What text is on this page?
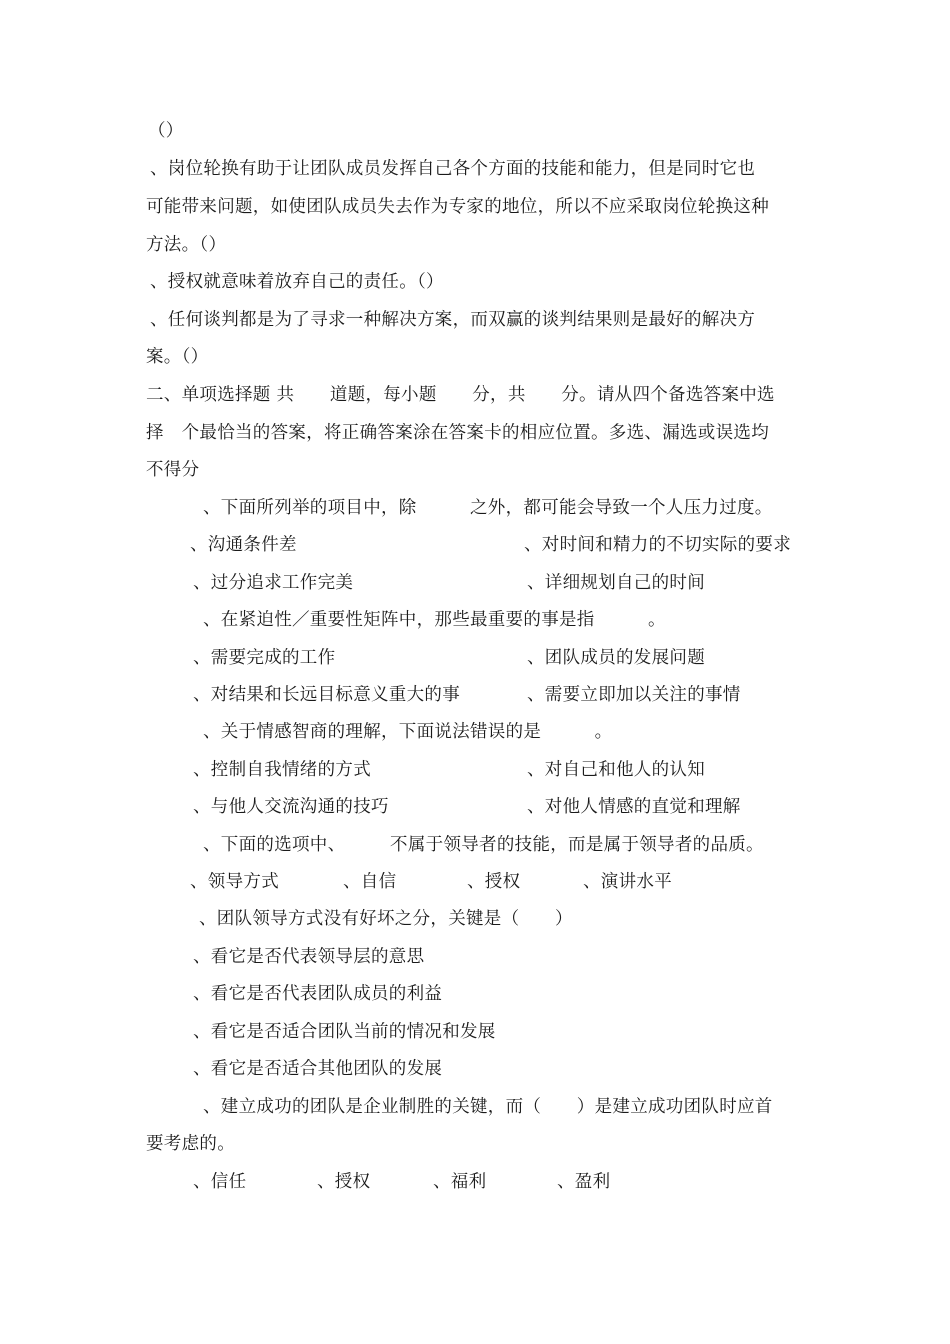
（）
、岗位轮换有助于让团队成员发挥自己各个方面的技能和能力，但是同时它也
可能带来问题，如使团队成员失去作为专家的地位，所以不应采取岗位轮换这种
方法。（）
、授权就意味着放弃自己的责任。（）
、任何谈判都是为了寻求一种解决方案，而双赢的谈判结果则是最好的解决方
案。（）
二、单项选择题 共　　道题，每小题　　分，共　　分。请从四个备选答案中选
择　个最恰当的答案，将正确答案涂在答案卡的相应位置。多选、漏选或误选均
不得分
、下面所列举的项目中，除　　　之外，都可能会导致一个人压力过度。
、沟通条件差	、对时间和精力的不切实际的要求
、过分追求工作完美	、详细规划自己的时间
、在紧迫性／重要性矩阵中，那些最重要的事是指　　　。
、需要完成的工作	、团队成员的发展问题
、对结果和长远目标意义重大的事	、需要立即加以关注的事情
、关于情感智商的理解，下面说法错误的是　　　。
、控制自我情绪的方式	、对自己和他人的认知
、与他人交流沟通的技巧	、对他人情感的直觉和理解
、下面的选项中、　　　不属于领导者的技能，而是属于领导者的品质。
、领导方式	、自信	、授权	、演讲水平
、团队领导方式没有好坏之分，关键是（　　）
、看它是否代表领导层的意思
、看它是否代表团队成员的利益
、看它是否适合团队当前的情况和发展
、看它是否适合其他团队的发展
、建立成功的团队是企业制胜的关键，而（　　）是建立成功团队时应首
要考虑的。
、信任	、授权	、福利	、盈利
